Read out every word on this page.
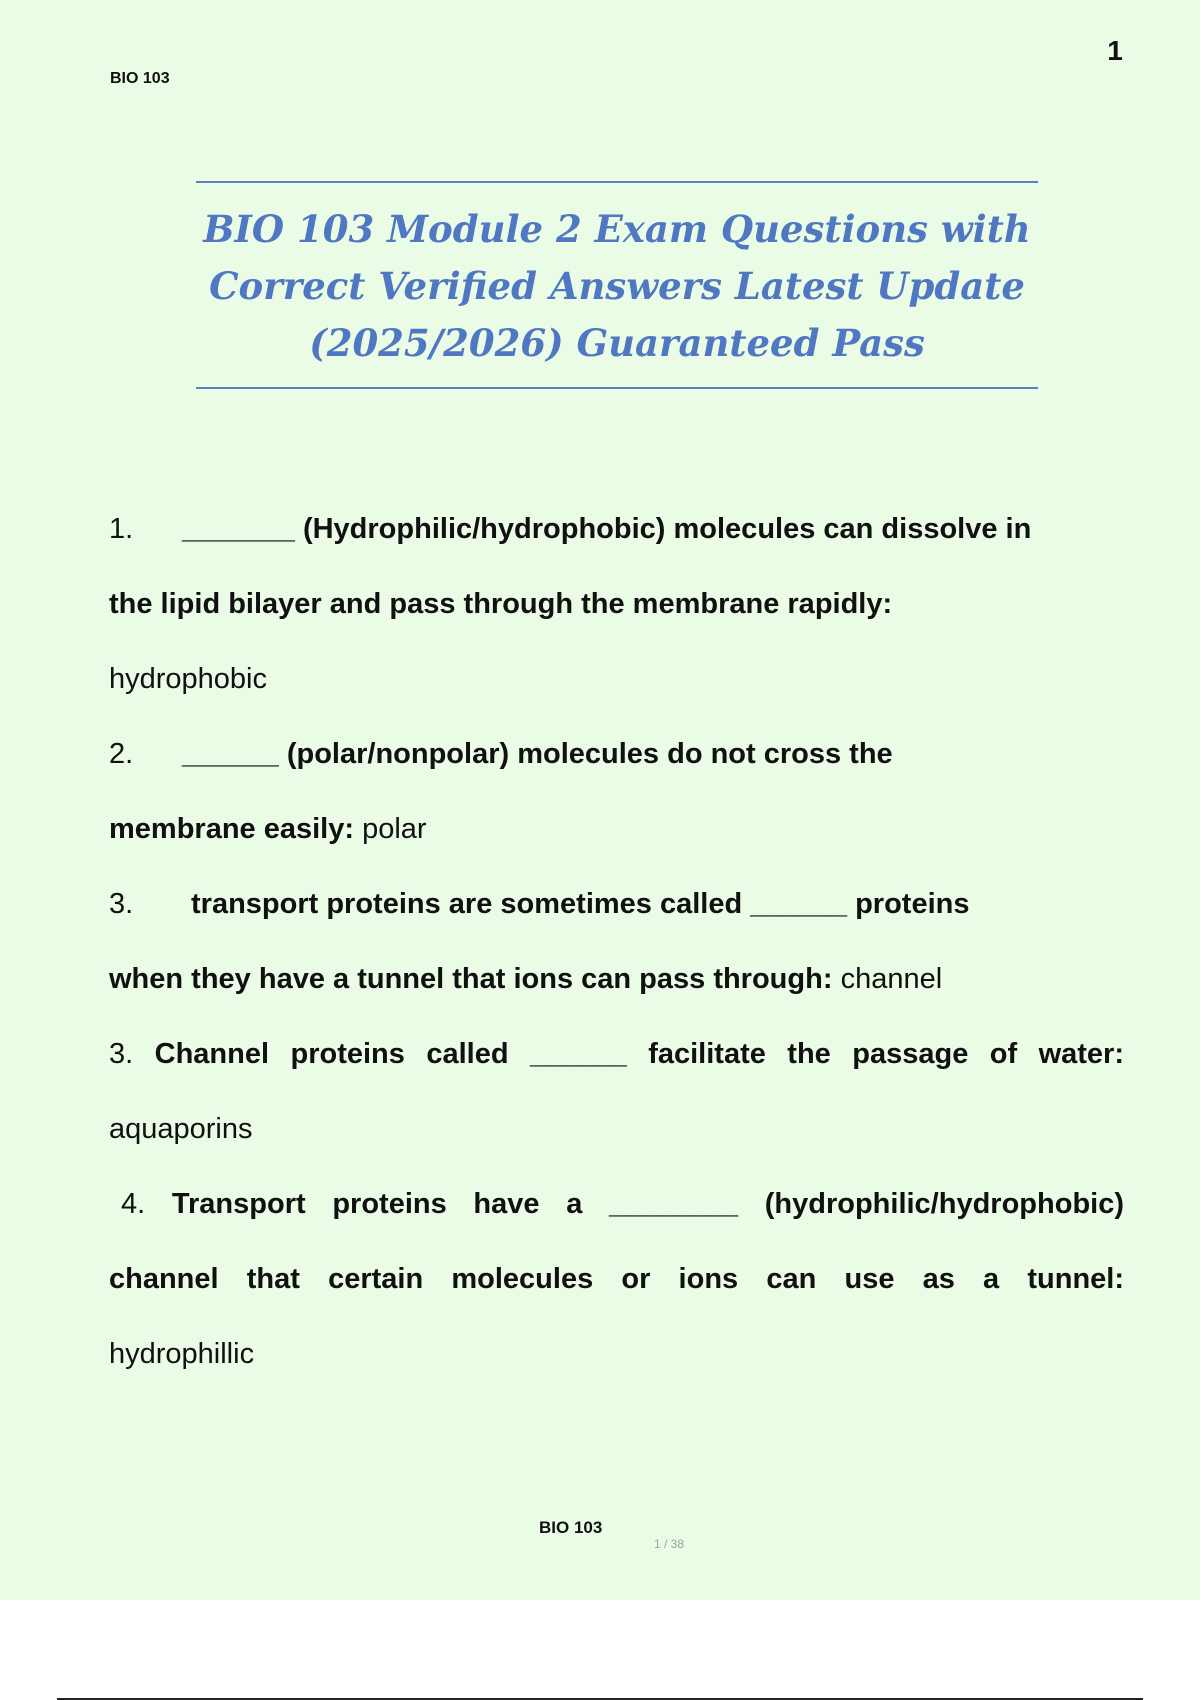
BIO 103
1
BIO 103 Module 2 Exam Questions with Correct Verified Answers Latest Update (2025/2026) Guaranteed Pass
1. _______ (Hydrophilic/hydrophobic) molecules can dissolve in
the lipid bilayer and pass through the membrane rapidly:
hydrophobic
2. ______ (polar/nonpolar) molecules do not cross the
membrane easily: polar
3. transport proteins are sometimes called ______ proteins
when they have a tunnel that ions can pass through: channel
3. Channel proteins called ______ facilitate the passage of water:
aquaporins
4. Transport proteins have a ________ (hydrophilic/hydrophobic)
channel that certain molecules or ions can use as a tunnel:
hydrophillic
BIO 103
1 / 38
